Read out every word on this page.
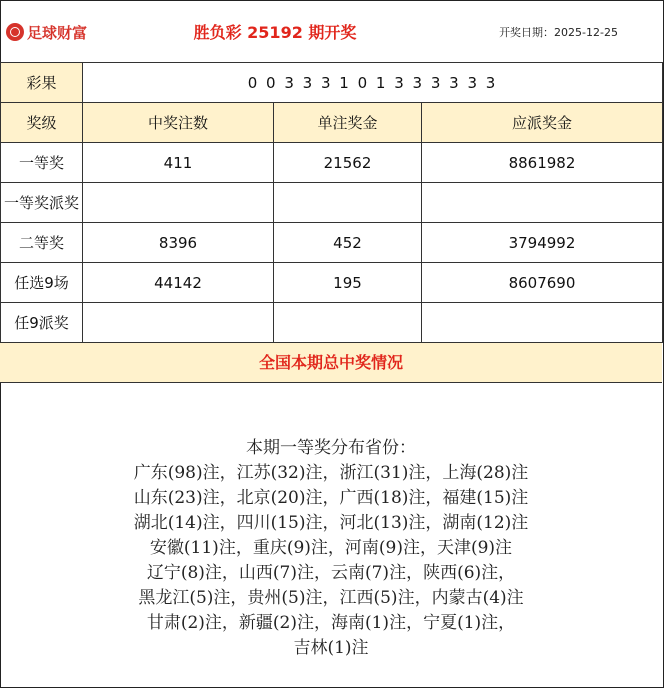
足球财富	胜负彩 25192 期开奖	开奖日期：2025-12-25
彩果	0 0 3 3 3 1 0 1 3 3 3 3 3 3		
奖级	中奖注数	单注奖金	应派奖金
一等奖	411	21562	8861982
一等奖派奖			
二等奖	8396	452	3794992
任选9场	44142	195	8607690
任9派奖			
全国本期总中奖情况
本期一等奖分布省份：
广东(98)注，江苏(32)注，浙江(31)注，上海(28)注
山东(23)注，北京(20)注，广西(18)注，福建(15)注
湖北(14)注，四川(15)注，河北(13)注，湖南(12)注
安徽(11)注，重庆(9)注，河南(9)注，天津(9)注
辽宁(8)注，山西(7)注，云南(7)注，陕西(6)注，
黑龙江(5)注，贵州(5)注，江西(5)注，内蒙古(4)注
甘肃(2)注，新疆(2)注，海南(1)注，宁夏(1)注，
吉林(1)注
